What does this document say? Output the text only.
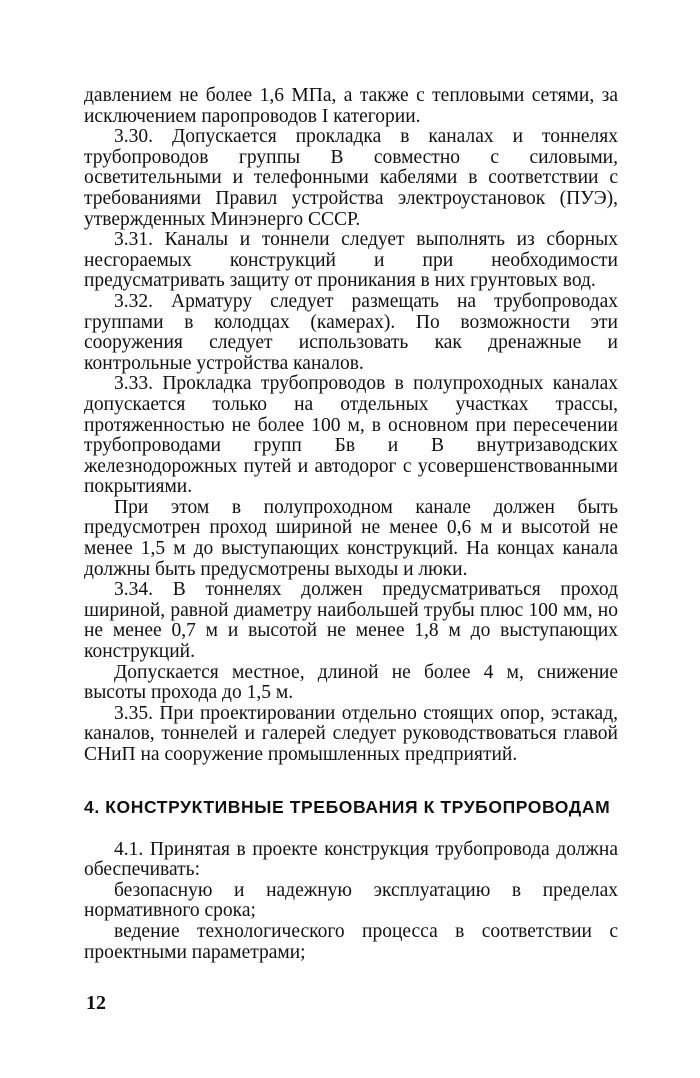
давлением не более 1,6 МПа, а также с тепловыми сетями, за исключением паропроводов I категории.

3.30. Допускается прокладка в каналах и тоннелях трубопроводов группы В совместно с силовыми, осветительными и телефонными кабелями в соответствии с требованиями Правил устройства электроустановок (ПУЭ), утвержденных Минэнерго СССР.

3.31. Каналы и тоннели следует выполнять из сборных несгораемых конструкций и при необходимости предусматривать защиту от проникания в них грунтовых вод.

3.32. Арматуру следует размещать на трубопроводах группами в колодцах (камерах). По возможности эти сооружения следует использовать как дренажные и контрольные устройства каналов.

3.33. Прокладка трубопроводов в полупроходных каналах допускается только на отдельных участках трассы, протяженностью не более 100 м, в основном при пересечении трубопроводами групп Бв и В внутризаводских железнодорожных путей и автодорог с усовершенствованными покрытиями.

При этом в полупроходном канале должен быть предусмотрен проход шириной не менее 0,6 м и высотой не менее 1,5 м до выступающих конструкций. На концах канала должны быть предусмотрены выходы и люки.

3.34. В тоннелях должен предусматриваться проход шириной, равной диаметру наибольшей трубы плюс 100 мм, но не менее 0,7 м и высотой не менее 1,8 м до выступающих конструкций.

Допускается местное, длиной не более 4 м, снижение высоты прохода до 1,5 м.

3.35. При проектировании отдельно стоящих опор, эстакад, каналов, тоннелей и галерей следует руководствоваться главой СНиП на сооружение промышленных предприятий.

4. КОНСТРУКТИВНЫЕ ТРЕБОВАНИЯ К ТРУБОПРОВОДАМ

4.1. Принятая в проекте конструкция трубопровода должна обеспечивать:

безопасную и надежную эксплуатацию в пределах нормативного срока;

ведение технологического процесса в соответствии с проектными параметрами;

12
